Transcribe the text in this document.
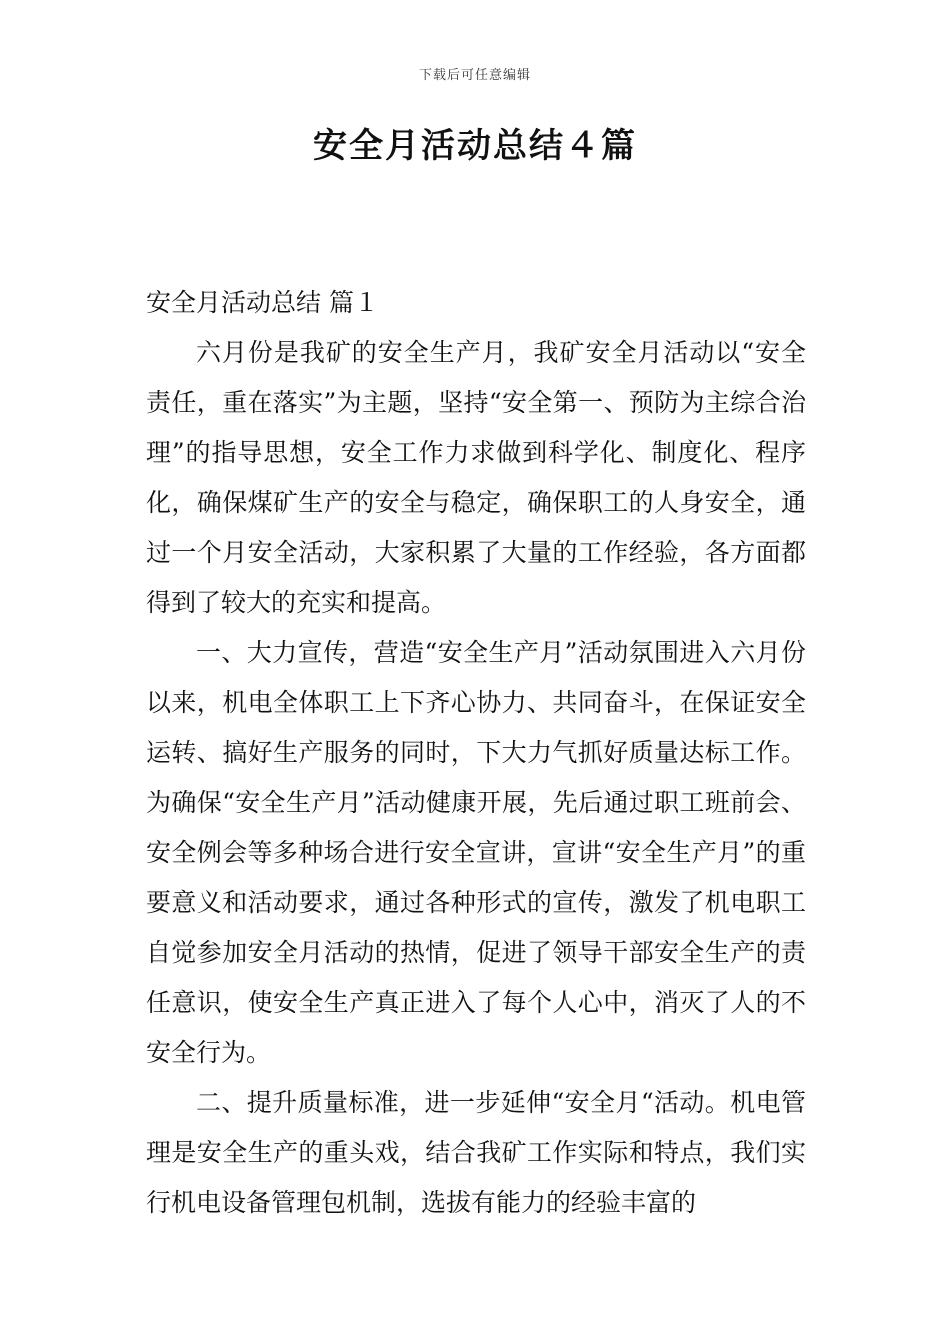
下载后可任意编辑
安全月活动总结４篇

安全月活动总结 篇１

六月份是我矿的安全生产月，我矿安全月活动以“安全责任，重在落实”为主题，坚持“安全第一、预防为主综合治理”的指导思想，安全工作力求做到科学化、制度化、程序化，确保煤矿生产的安全与稳定，确保职工的人身安全，通过一个月安全活动，大家积累了大量的工作经验，各方面都得到了较大的充实和提高。

一、大力宣传，营造“安全生产月”活动氛围进入六月份以来，机电全体职工上下齐心协力、共同奋斗，在保证安全运转、搞好生产服务的同时，下大力气抓好质量达标工作。为确保“安全生产月”活动健康开展，先后通过职工班前会、安全例会等多种场合进行安全宣讲，宣讲“安全生产月”的重要意义和活动要求，通过各种形式的宣传，激发了机电职工自觉参加安全月活动的热情，促进了领导干部安全生产的责任意识，使安全生产真正进入了每个人心中，消灭了人的不安全行为。

二、提升质量标准，进一步延伸“安全月“活动。机电管理是安全生产的重头戏，结合我矿工作实际和特点，我们实行机电设备管理包机制，选拔有能力的经验丰富的
